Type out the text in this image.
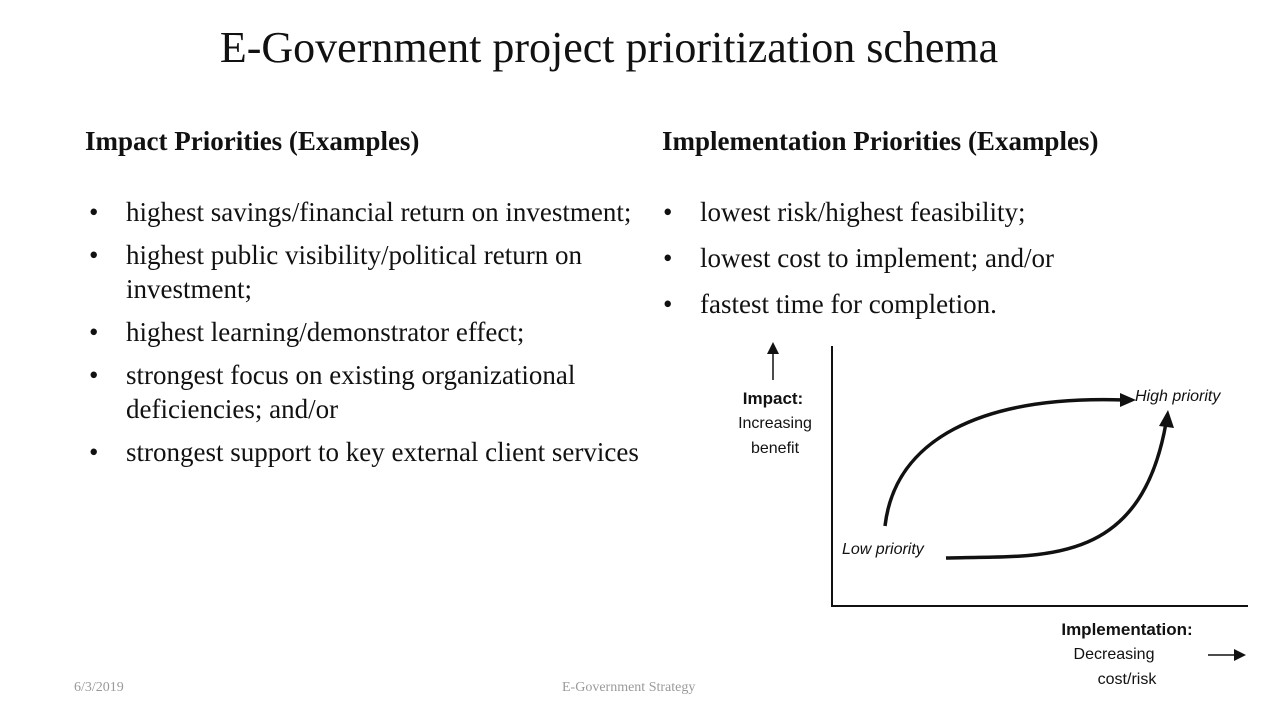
E-Government project prioritization schema
Impact Priorities (Examples)	Implementation Priorities (Examples)
• highest savings/financial return on investment;
• highest public visibility/political return on investment;
• highest learning/demonstrator effect;
• strongest focus on existing organizational deficiencies; and/or
• strongest support to key external client services
• lowest risk/highest feasibility;
• lowest cost to implement; and/or
• fastest time for completion.
Impact:
Increasing
benefit
High priority
Low priority
Implementation:
Decreasing
cost/risk
6/3/2019	E-Government Strategy
